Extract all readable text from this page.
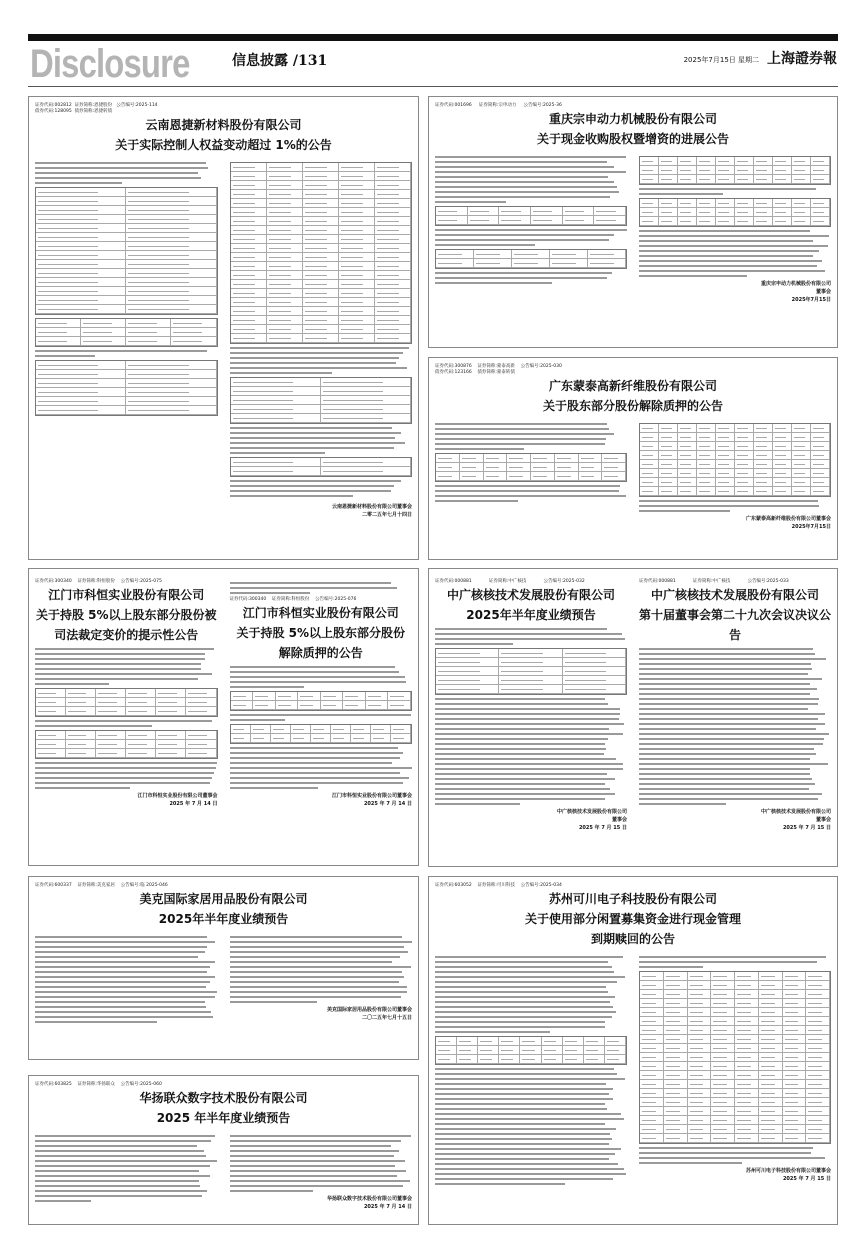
Disclosure	信息披露 /131	2025年7月15日 星期二 上海證券報
证券代码:002812  证券简称:恩捷股份   公告编号:2025-114
债券代码:128095  债券简称:恩捷转债
云南恩捷新材料股份有限公司
关于实际控制人权益变动超过 1%的公告
云南恩捷新材料股份有限公司董事会
二零二五年七月十四日
证券代码:001696     证券简称:宗申动力     公告编号:2025-36
重庆宗申动力机械股份有限公司
关于现金收购股权暨增资的进展公告
重庆宗申动力机械股份有限公司
董事会
2025年7月15日
证券代码:300876    证券简称:蒙泰高新    公告编号:2025-030
债券代码:123166    债券简称:蒙泰转债
广东蒙泰高新纤维股份有限公司
关于股东部分股份解除质押的公告
广东蒙泰高新纤维股份有限公司董事会
2025年7月15日
证券代码:300340    证券简称:科恒股份    公告编号:2025-075
江门市科恒实业股份有限公司
关于持股 5%以上股东部分股份被
司法裁定变价的提示性公告
江门市科恒实业股份有限公司董事会
2025 年 7 月 14 日
证券代码:300340    证券简称:科恒股份    公告编号:2025-076
江门市科恒实业股份有限公司
关于持股 5%以上股东部分股份
解除质押的公告
江门市科恒实业股份有限公司董事会
2025 年 7 月 14 日
证券代码:000881            证券简称:中广核技            公告编号:2025-032
中广核核技术发展股份有限公司
2025年半年度业绩预告
中广核核技术发展股份有限公司
董事会
2025 年 7 月 15 日
证券代码:000881            证券简称:中广核技            公告编号:2025-033
中广核核技术发展股份有限公司
第十届董事会第二十九次会议决议公告
中广核核技术发展股份有限公司
董事会
2025 年 7 月 15 日
证券代码:600337    证券简称:美克家居    公告编号:临 2025-046
美克国际家居用品股份有限公司
2025年半年度业绩预告
美克国际家居用品股份有限公司董事会
二〇二五年七月十五日
证券代码:603825    证券简称:华扬联众    公告编号:2025-060
华扬联众数字技术股份有限公司
2025 年半年度业绩预告
华扬联众数字技术股份有限公司董事会
2025 年 7 月 14 日
证券代码:603052    证券简称:可川科技    公告编号:2025-034
苏州可川电子科技股份有限公司
关于使用部分闲置募集资金进行现金管理
到期赎回的公告
苏州可川电子科技股份有限公司董事会
2025 年 7 月 15 日
